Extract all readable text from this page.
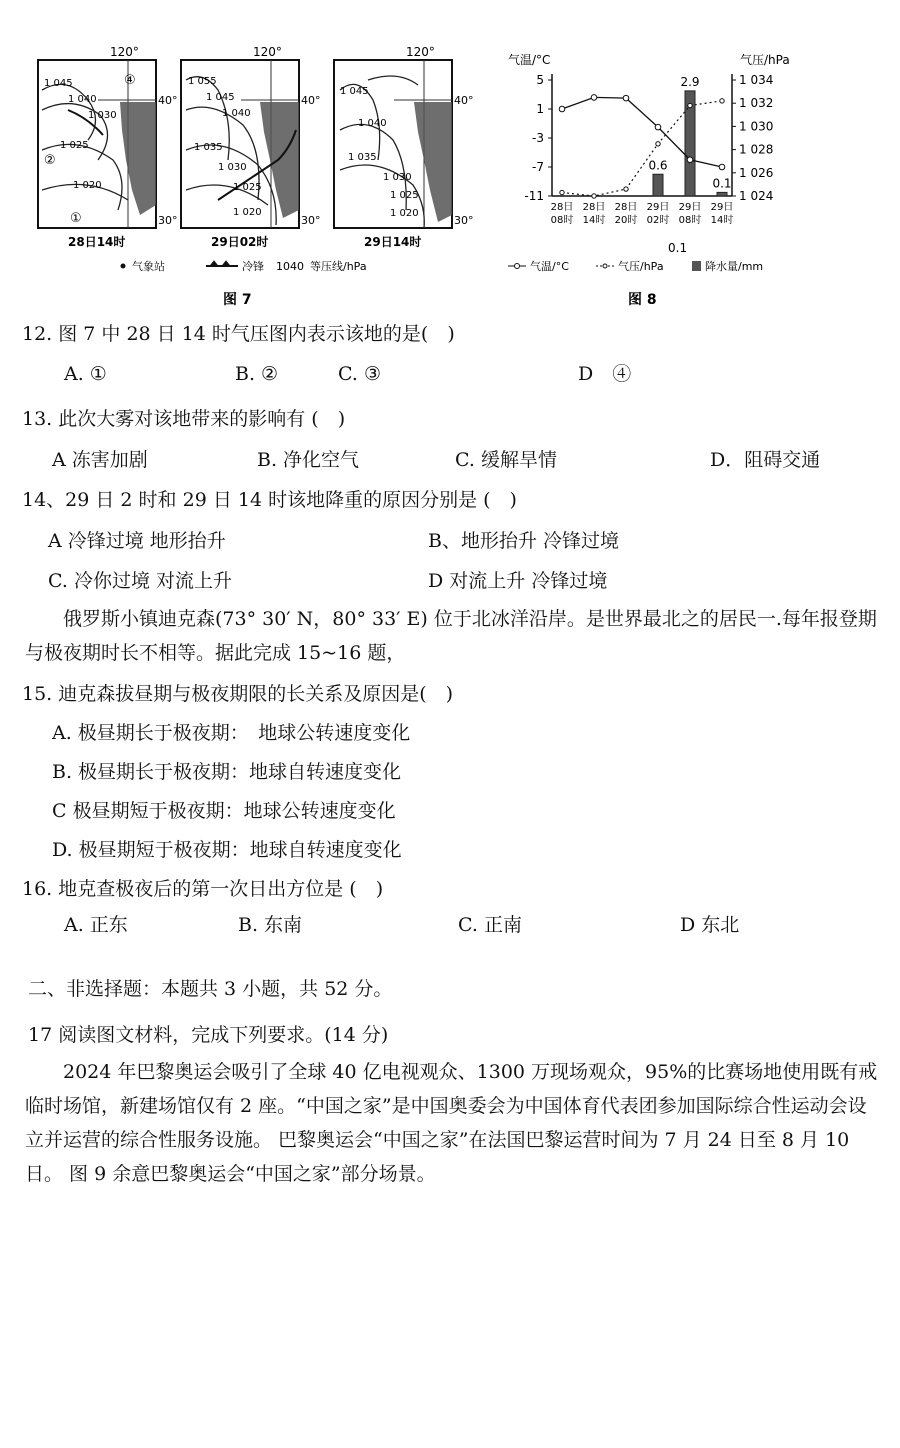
120°
1 045
1 040
1 030
1 025
1 020
②
①
④
40°
30°
28日14时
120°
1 055
1 045
1 040
1 035
1 030
1 025
1 020
40°
30°
29日02时
120°
1 045
1 040
1 035
1 030
1 025
1 020
40°
30°
29日14时
气象站	冷锋 1040 等压线/hPa
图 7
气温/°C	气压/hPa
5
1
-3
-7
-11
1 034
1 032
1 030
1 028
1 026
1 024
0.6
2.9
0.1
28日
08时
28日
14时
28日
20时
29日
02时
29日
08时
29日
14时
0.1
气温/°C	气压/hPa	降水量/mm
图 8
12. 图 7 中 28 日 14 时气压图内表示该地的是(　)
A. ①	B. ②	C. ③	D　④
13. 此次大雾对该地带来的影响有 (　)
A 冻害加剧	B. 净化空气	C. 缓解旱情	D．阻碍交通
14、29 日 2 时和 29 日 14 时该地降重的原因分别是 (　)
A 冷锋过境 地形抬升	B、地形抬升 冷锋过境
C. 冷你过境 对流上升	D 对流上升 冷锋过境
俄罗斯小镇迪克森(73° 30′ N，80° 33′ E) 位于北冰洋沿岸。是世界最北之的居民一.每年报登期与极夜期时长不相等。据此完成 15~16 题，
15. 迪克森拔昼期与极夜期限的长关系及原因是(　)
A. 极昼期长于极夜期：　地球公转速度变化
B. 极昼期长于极夜期：地球自转速度变化
C 极昼期短于极夜期：地球公转速度变化
D. 极昼期短于极夜期：地球自转速度变化
16. 地克查极夜后的第一次日出方位是 (　)
A. 正东	B. 东南	C. 正南	D 东北
二、非选择题：本题共 3 小题，共 52 分。
17 阅读图文材料，完成下列要求。(14 分)
2024 年巴黎奥运会吸引了全球 40 亿电视观众、1300 万现场观众，95%的比赛场地使用既有戒临时场馆，新建场馆仅有 2 座。“中国之家”是中国奥委会为中国体育代表团参加国际综合性运动会设立并运营的综合性服务设施。 巴黎奥运会“中国之家”在法国巴黎运营时间为 7 月 24 日至 8 月 10 日。 图 9 余意巴黎奥运会“中国之家”部分场景。
